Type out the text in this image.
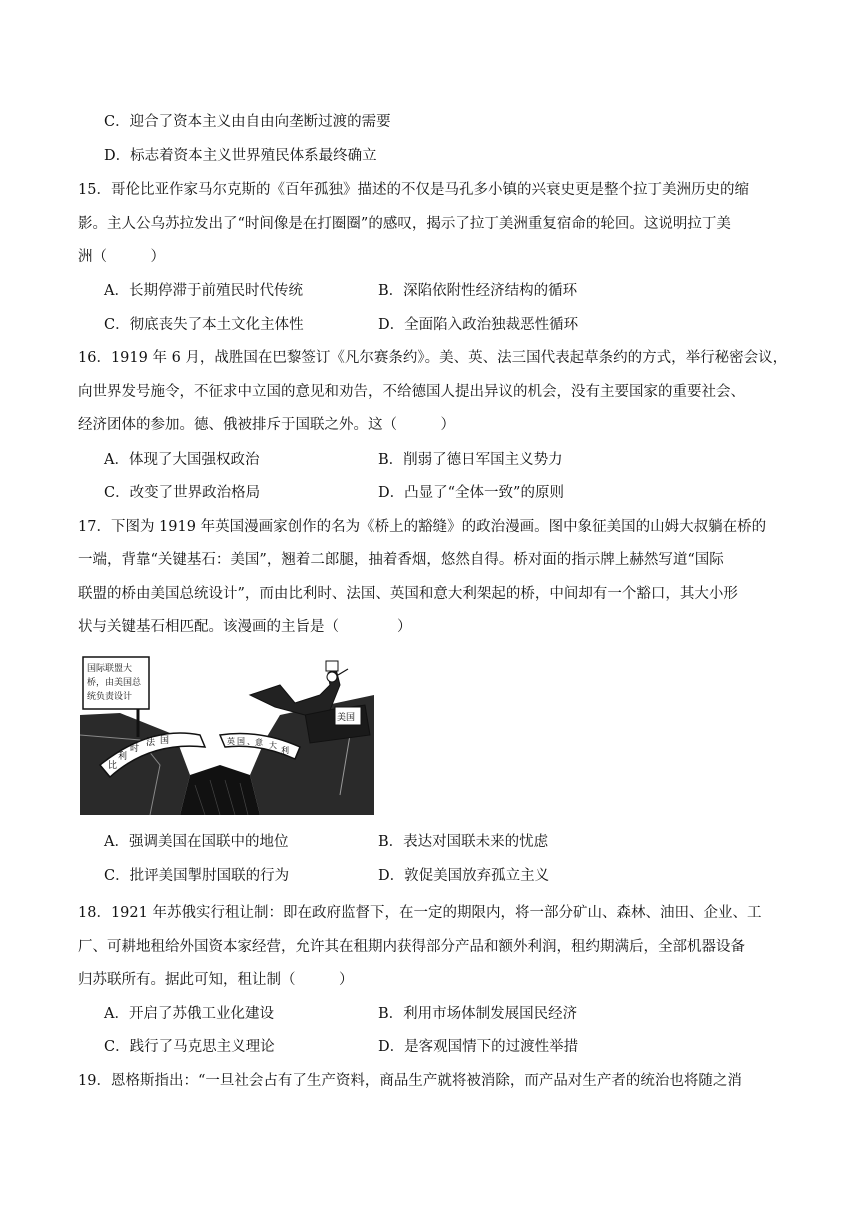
C．迎合了资本主义由自由向垄断过渡的需要
D．标志着资本主义世界殖民体系最终确立
15．哥伦比亚作家马尔克斯的《百年孤独》描述的不仅是马孔多小镇的兴衰史更是整个拉丁美洲历史的缩
影。主人公乌苏拉发出了“时间像是在打圈圈”的感叹，揭示了拉丁美洲重复宿命的轮回。这说明拉丁美
洲（　　　）
A．长期停滞于前殖民时代传统	B．深陷依附性经济结构的循环
C．彻底丧失了本土文化主体性	D．全面陷入政治独裁恶性循环
16．1919 年 6 月，战胜国在巴黎签订《凡尔赛条约》。美、英、法三国代表起草条约的方式，举行秘密会议，
向世界发号施令，不征求中立国的意见和劝告，不给德国人提出异议的机会，没有主要国家的重要社会、
经济团体的参加。德、俄被排斥于国联之外。这（　　　）
A．体现了大国强权政治	B．削弱了德日军国主义势力
C．改变了世界政治格局	D．凸显了“全体一致”的原则
17．下图为 1919 年英国漫画家创作的名为《桥上的豁缝》的政治漫画。图中象征美国的山姆大叔躺在桥的
一端，背靠“关键基石：美国”，翘着二郎腿，抽着香烟，悠然自得。桥对面的指示牌上赫然写道“国际
联盟的桥由美国总统设计”，而由比利时、法国、英国和意大利架起的桥，中间却有一个豁口，其大小形
状与关键基石相匹配。该漫画的主旨是（　　　　）
国际联盟大
桥，由美国总
统负责设计
比
利
时
法 国	英 国 、 意 大
利
美国
A．强调美国在国联中的地位	B．表达对国联未来的忧虑
C．批评美国掣肘国联的行为	D．敦促美国放弃孤立主义
18．1921 年苏俄实行租让制：即在政府监督下，在一定的期限内，将一部分矿山、森林、油田、企业、工
厂、可耕地租给外国资本家经营，允许其在租期内获得部分产品和额外利润，租约期满后，全部机器设备
归苏联所有。据此可知，租让制（　　　）
A．开启了苏俄工业化建设	B．利用市场体制发展国民经济
C．践行了马克思主义理论	D．是客观国情下的过渡性举措
19．恩格斯指出：“一旦社会占有了生产资料，商品生产就将被消除，而产品对生产者的统治也将随之消
